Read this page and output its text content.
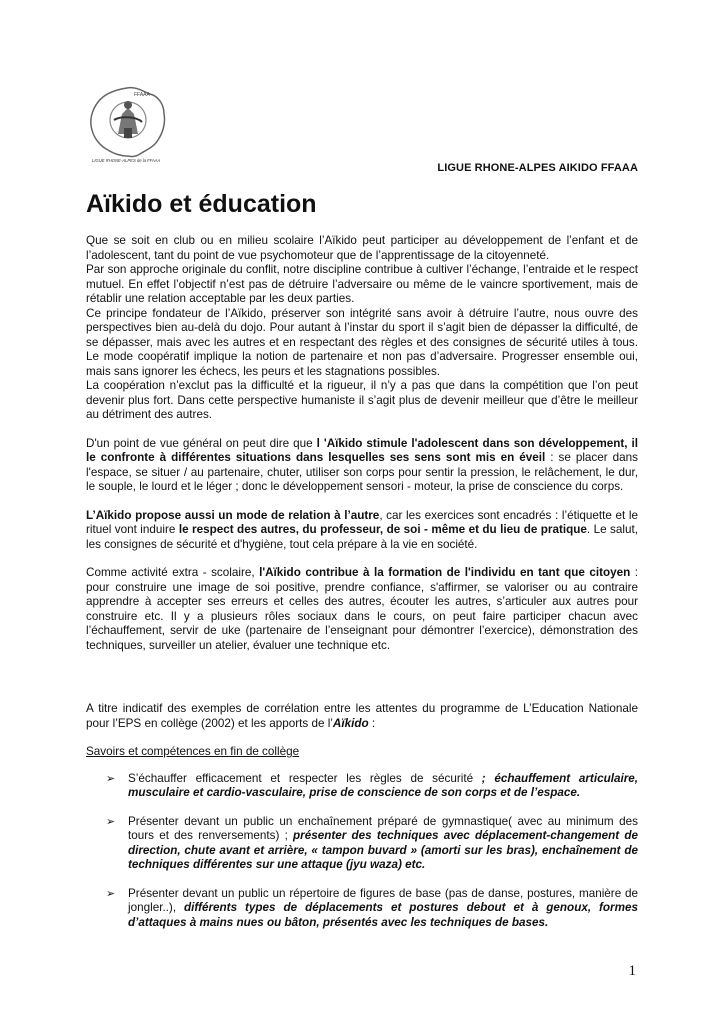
FFAAA
LIGUE RHONE-ALPES de la FFAAA
LIGUE RHONE-ALPES AIKIDO FFAAA
Aïkido et éducation

Que se soit en club ou en milieu scolaire l’Aïkido peut participer au développement de l’enfant et de l’adolescent, tant du point de vue psychomoteur que de l’apprentissage de la citoyenneté.

Par son approche originale du conflit, notre discipline contribue à cultiver l’échange, l’entraide et le respect mutuel. En effet l’objectif n’est pas de détruire l’adversaire ou même de le vaincre sportivement, mais de rétablir une relation acceptable par les deux parties.

Ce principe fondateur de l’Aïkido, préserver son intégrité sans avoir à détruire l’autre, nous ouvre des perspectives bien au-delà du dojo. Pour autant à l’instar du sport il s’agit bien de dépasser la difficulté, de se dépasser, mais avec les autres et en respectant des règles et des consignes de sécurité utiles à tous. Le mode coopératif implique la notion de partenaire et non pas d’adversaire. Progresser ensemble oui, mais sans ignorer les échecs, les peurs et les stagnations possibles.

La coopération n’exclut pas la difficulté et la rigueur, il n’y a pas que dans la compétition que l’on peut devenir plus fort. Dans cette perspective humaniste il s’agit plus de devenir meilleur que d’être le meilleur au détriment des autres.

D'un point de vue général on peut dire que l 'Aïkido stimule l'adolescent dans son développement, il le confronte à différentes situations dans lesquelles ses sens sont mis en éveil : se placer dans l'espace, se situer / au partenaire, chuter, utiliser son corps pour sentir la pression, le relâchement, le dur, le souple, le lourd et le léger ; donc le développement sensori - moteur, la prise de conscience du corps.

L’Aïkido propose aussi un mode de relation à l’autre, car les exercices sont encadrés : l’étiquette et le rituel vont induire le respect des autres, du professeur, de soi - même et du lieu de pratique. Le salut, les consignes de sécurité et d'hygiène, tout cela prépare à la vie en société.

Comme activité extra - scolaire, l'Aïkido contribue à la formation de l'individu en tant que citoyen : pour construire une image de soi positive, prendre confiance, s'affirmer, se valoriser ou au contraire apprendre à accepter ses erreurs et celles des autres, écouter les autres, s’articuler aux autres pour construire etc. Il y a plusieurs rôles sociaux dans le cours, on peut faire participer chacun avec l’échauffement, servir de uke (partenaire de l’enseignant pour démontrer l’exercice), démonstration des techniques, surveiller un atelier, évaluer une technique etc.

A titre indicatif des exemples de corrélation entre les attentes du programme de L’Education Nationale pour l’EPS en collège (2002) et les apports de l’Aïkido :

Savoirs et compétences en fin de collège

➢ S’échauffer efficacement et respecter les règles de sécurité ; échauffement articulaire, musculaire et cardio-vasculaire, prise de conscience de son corps et de l’espace.
➢ Présenter devant un public un enchaînement préparé de gymnastique( avec au minimum des tours et des renversements) ; présenter des techniques avec déplacement-changement de direction, chute avant et arrière, « tampon buvard » (amorti sur les bras), enchaînement de techniques différentes sur une attaque (jyu waza) etc.
➢ Présenter devant un public un répertoire de figures de base (pas de danse, postures, manière de jongler..), différents types de déplacements et postures debout et à genoux, formes d’attaques à mains nues ou bâton, présentés avec les techniques de bases.
1
